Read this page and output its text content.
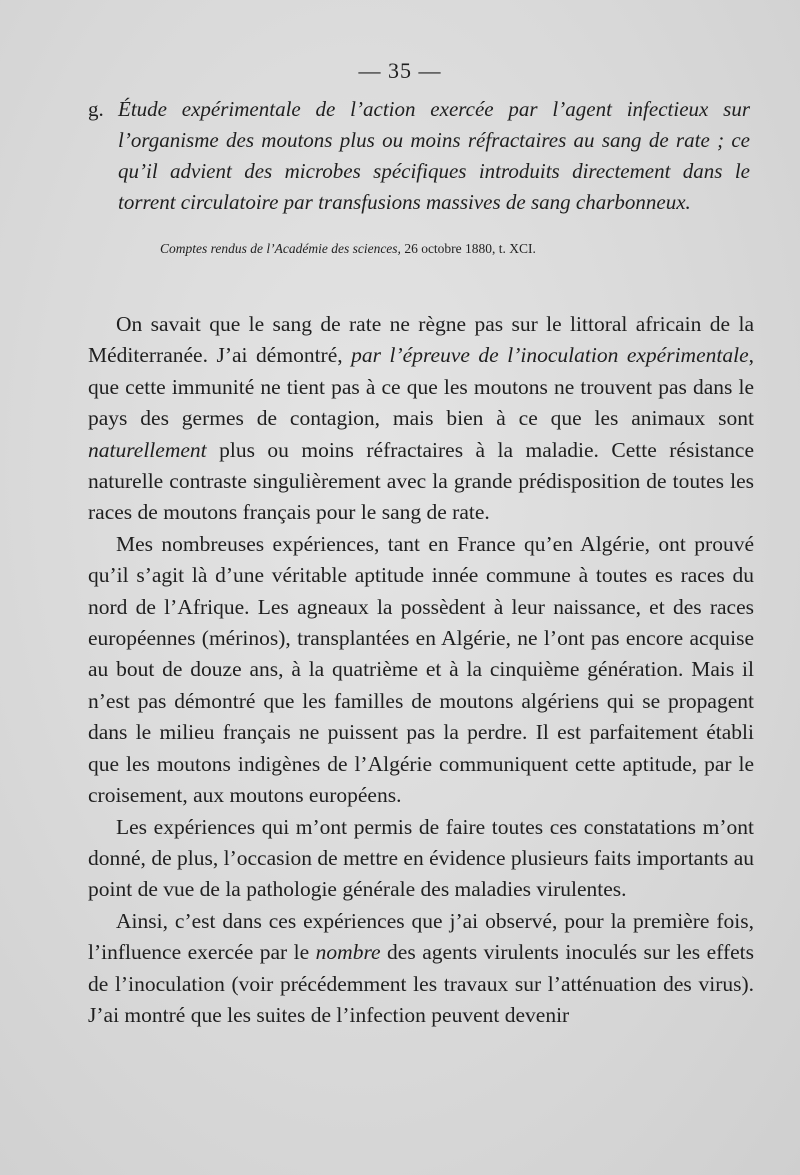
— 35 —
g. Étude expérimentale de l’action exercée par l’agent infectieux sur l’organisme des moutons plus ou moins réfractaires au sang de rate ; ce qu’il advient des microbes spécifiques introduits directement dans le torrent circulatoire par transfusions massives de sang charbonneux.
Comptes rendus de l’Académie des sciences, 26 octobre 1880, t. XCI.

On savait que le sang de rate ne règne pas sur le littoral africain de la Méditerranée. J’ai démontré, par l’épreuve de l’inoculation expérimentale, que cette immunité ne tient pas à ce que les moutons ne trouvent pas dans le pays des germes de contagion, mais bien à ce que les animaux sont naturellement plus ou moins réfractaires à la maladie. Cette résistance naturelle contraste singulièrement avec la grande prédisposition de toutes les races de moutons français pour le sang de rate.

Mes nombreuses expériences, tant en France qu’en Algérie, ont prouvé qu’il s’agit là d’une véritable aptitude innée commune à toutes es races du nord de l’Afrique. Les agneaux la possèdent à leur naissance, et des races européennes (mérinos), transplantées en Algérie, ne l’ont pas encore acquise au bout de douze ans, à la quatrième et à la cinquième génération. Mais il n’est pas démontré que les familles de moutons algériens qui se propagent dans le milieu français ne puissent pas la perdre. Il est parfaitement établi que les moutons indigènes de l’Algérie communiquent cette aptitude, par le croisement, aux moutons européens.

Les expériences qui m’ont permis de faire toutes ces constatations m’ont donné, de plus, l’occasion de mettre en évidence plusieurs faits importants au point de vue de la pathologie générale des maladies virulentes.

Ainsi, c’est dans ces expériences que j’ai observé, pour la première fois, l’influence exercée par le nombre des agents virulents inoculés sur les effets de l’inoculation (voir précédemment les travaux sur l’atténuation des virus). J’ai montré que les suites de l’infection peuvent devenir
